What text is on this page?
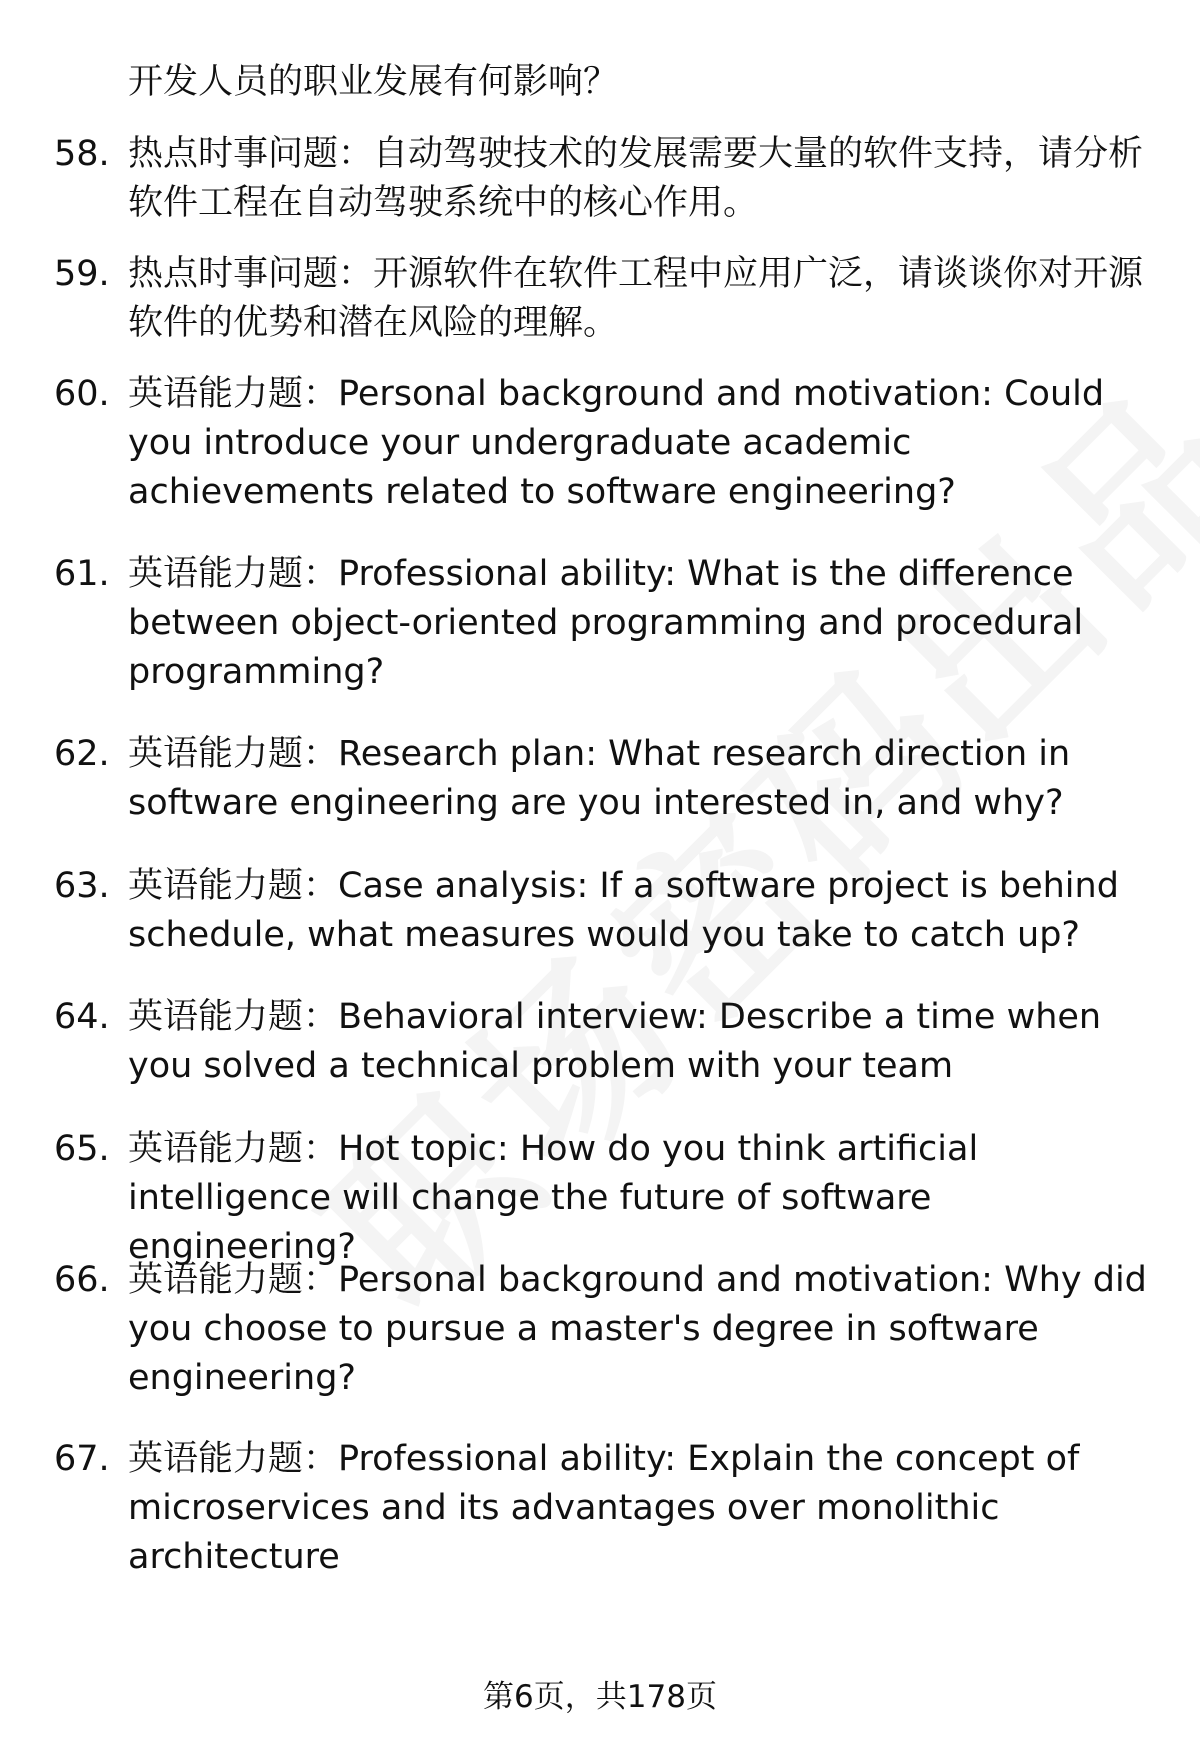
开发人员的职业发展有何影响？
58. 热点时事问题：自动驾驶技术的发展需要大量的软件支持，请分析软件工程在自动驾驶系统中的核心作用。
59. 热点时事问题：开源软件在软件工程中应用广泛，请谈谈你对开源软件的优势和潜在风险的理解。
60. 英语能力题：Personal background and motivation: Could you introduce your undergraduate academic achievements related to software engineering?
61. 英语能力题：Professional ability: What is the difference between object-oriented programming and procedural programming?
62. 英语能力题：Research plan: What research direction in software engineering are you interested in, and why?
63. 英语能力题：Case analysis: If a software project is behind schedule, what measures would you take to catch up?
64. 英语能力题：Behavioral interview: Describe a time when you solved a technical problem with your team
65. 英语能力题：Hot topic: How do you think artificial intelligence will change the future of software engineering?
66. 英语能力题：Personal background and motivation: Why did you choose to pursue a master's degree in software engineering?
67. 英语能力题：Professional ability: Explain the concept of microservices and its advantages over monolithic architecture
第6页，共178页
